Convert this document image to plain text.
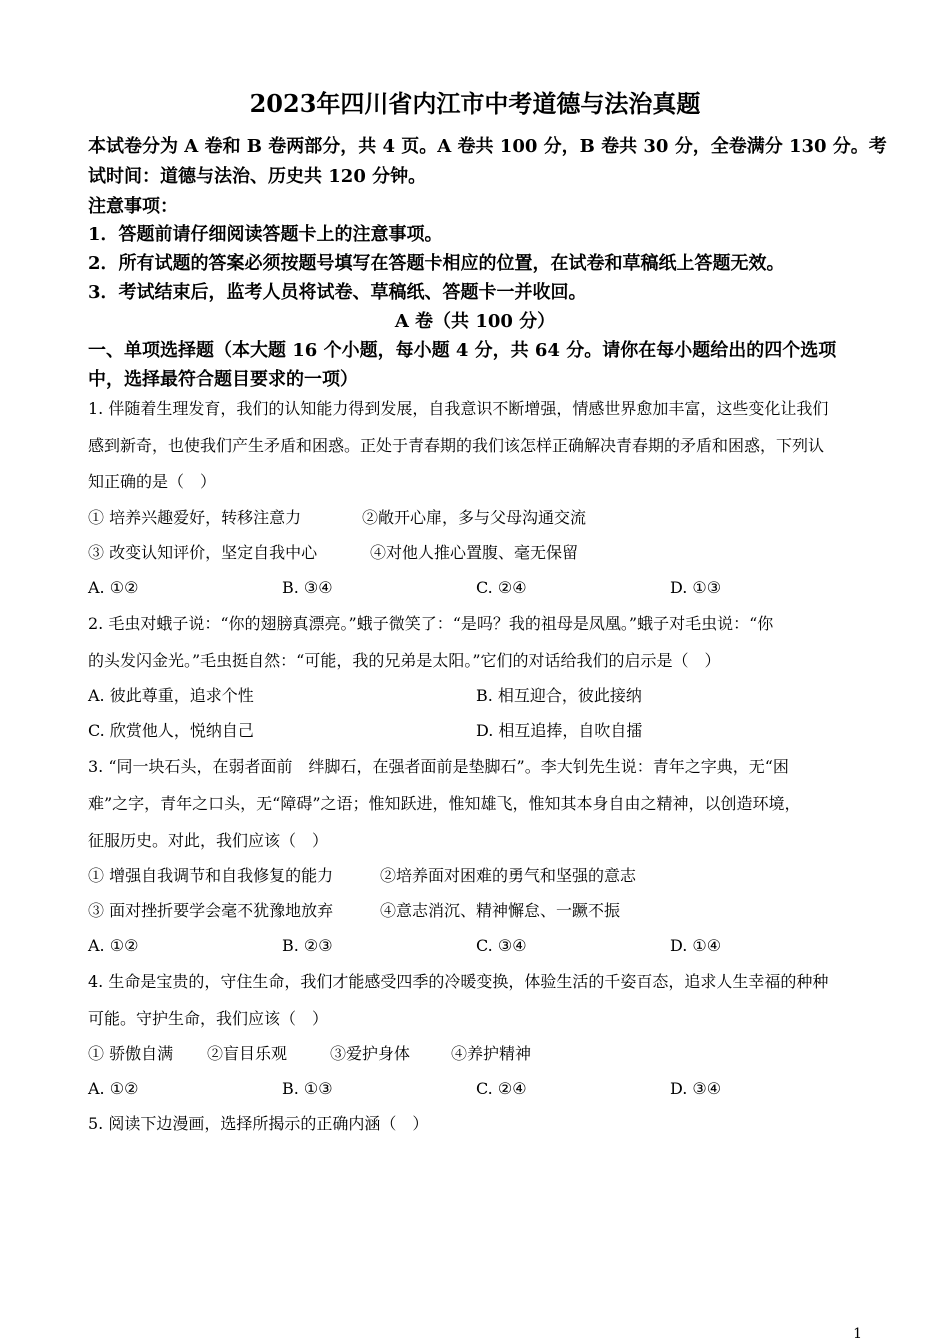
2023年四川省内江市中考道德与法治真题
本试卷分为 A 卷和 B 卷两部分，共 4 页。A 卷共 100 分，B 卷共 30 分，全卷满分 130 分。考
试时间：道德与法治、历史共 120 分钟。
注意事项：
1．答题前请仔细阅读答题卡上的注意事项。
2．所有试题的答案必须按题号填写在答题卡相应的位置，在试卷和草稿纸上答题无效。
3．考试结束后，监考人员将试卷、草稿纸、答题卡一并收回。
A 卷（共 100 分）
一、单项选择题（本大题 16 个小题，每小题 4 分，共 64 分。请你在每小题给出的四个选项
中，选择最符合题目要求的一项）
1. 伴随着生理发育，我们的认知能力得到发展，自我意识不断增强，情感世界愈加丰富，这些变化让我们
感到新奇，也使我们产生矛盾和困惑。正处于青春期的我们该怎样正确解决青春期的矛盾和困惑，下列认
知正确的是（　）
① 培养兴趣爱好，转移注意力	②敞开心扉，多与父母沟通交流
③ 改变认知评价，坚定自我中心	④对他人推心置腹、毫无保留
A. ①②	B. ③④	C. ②④	D. ①③
2. 毛虫对蛾子说：“你的翅膀真漂亮。”蛾子微笑了：“是吗？我的祖母是凤凰。”蛾子对毛虫说：“你
的头发闪金光。”毛虫挺自然：“可能，我的兄弟是太阳。”它们的对话给我们的启示是（　）
A. 彼此尊重，追求个性	B. 相互迎合，彼此接纳
C. 欣赏他人，悦纳自己	D. 相互追捧，自吹自擂
3. “同一块石头，在弱者面前　绊脚石，在强者面前是垫脚石”。李大钊先生说：青年之字典，无“困
难”之字，青年之口头，无“障碍”之语；惟知跃进，惟知雄飞，惟知其本身自由之精神，以创造环境，
征服历史。对此，我们应该（　）
① 增强自我调节和自我修复的能力	②培养面对困难的勇气和坚强的意志
③ 面对挫折要学会毫不犹豫地放弃	④意志消沉、精神懈怠、一蹶不振
A. ①②	B. ②③	C. ③④	D. ①④
4. 生命是宝贵的，守住生命，我们才能感受四季的冷暖变换，体验生活的千姿百态，追求人生幸福的种种
可能。守护生命，我们应该（　）
① 骄傲自满 ②盲目乐观	③爱护身体	④养护精神
A. ①②	B. ①③	C. ②④	D. ③④
5. 阅读下边漫画，选择所揭示的正确内涵（　）
1
